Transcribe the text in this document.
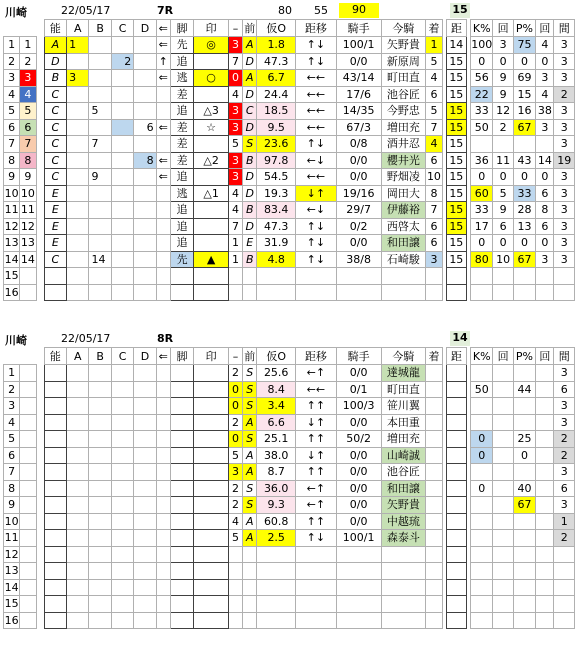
川崎	22/05/17	7R	80 55	90	15
			能	A	B	C	D	⇐	脚	印	–	前	仮O	距移	騎手	今騎	着		距		K%	回	P%	回	間
1	1		A	1				⇐	先	◎	3	A	1.8	↑↓	100/1	矢野貴	1		14		100	3	75	4	3
2	2		D			2		↑	追		7	D	47.3	↑↓	0/0	新原周	5		15		0	0	0	0	3
3	3		B	3				⇐	逃	○	0	A	6.7	←←	43/14	町田直	4		15		56	9	69	3	3
4	4		C						差		4	D	24.4	←←	17/6	池谷匠	6		15		22	9	15	4	2
5	5		C		5				追	△3	3	C	18.5	←←	14/35	今野忠	5		15		33	12	16	38	3
6	6		C				6	⇐	差	☆	3	D	9.5	←←	67/3	増田充	7		15		50	2	67	3	3
7	7		C		7				差		5	S	23.6	↑↓	0/8	酒井忍	4		15						3
8	8		C				8	⇐	差	△2	3	B	97.8	←↓	0/0	櫻井光	6		15		36	11	43	14	19
9	9		C		9			⇐	追		3	D	54.5	←←	0/0	野畑凌	10		15		0	0	0	0	3
10	10		E						逃	△1	4	D	19.3	↓↑	19/16	岡田大	8		15		60	5	33	6	3
11	11		E						追		4	B	83.4	←↓	29/7	伊藤裕	7		15		33	9	28	8	3
12	12		E						追		7	D	47.3	↑↓	0/2	西啓太	6		15		17	6	13	6	3
13	13		E						追		1	E	31.9	↑↓	0/0	和田譲	6		15		0	0	0	0	3
14	14		C		14				先	▲	1	B	4.8	↑↓	38/8	石崎駿	3		15		80	10	67	3	3
15																									
16																									
川崎	22/05/17	8R	14
			能	A	B	C	D	⇐	脚	印	–	前	仮O	距移	騎手	今騎	着		距		K%	回	P%	回	間
1											2	S	25.6	←↑	0/0	達城龍									3
2											0	S	8.4	←←	0/1	町田直					50		44		6
3											0	S	3.4	↑↑	100/3	笹川翼									3
4											2	A	6.6	↓↑	0/0	本田重									3
5											0	S	25.1	↑↑	50/2	増田充					0		25		2
6											5	A	38.0	↓↑	0/0	山崎誠					0		0		2
7											3	A	8.7	↑↑	0/0	池谷匠									3
8											2	S	36.0	←↑	0/0	和田譲					0		40		6
9											2	S	9.3	←↑	0/0	矢野貴							67		3
10											4	A	60.8	↑↑	0/0	中越琉									1
11											5	A	2.5	↑↓	100/1	森泰斗									2
12																									
13																									
14																									
15																									
16																									
